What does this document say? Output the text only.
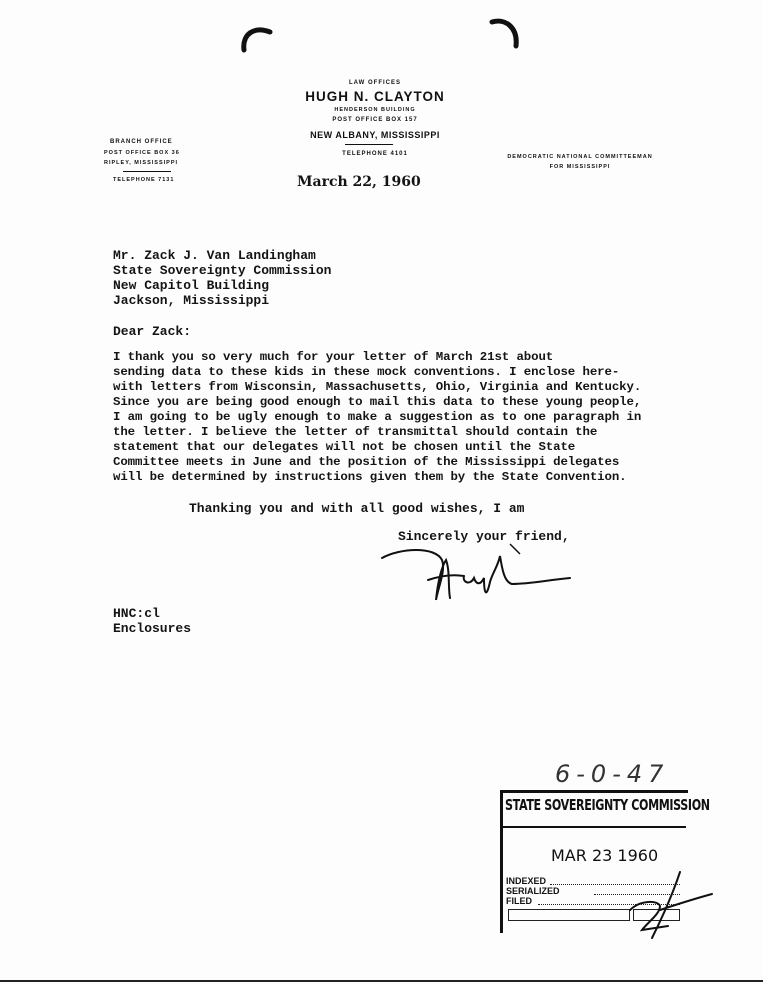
LAW OFFICES
HUGH N. CLAYTON
HENDERSON BUILDING
POST OFFICE BOX 157
NEW ALBANY, MISSISSIPPI
TELEPHONE 4101
BRANCH OFFICE
POST OFFICE BOX 36
RIPLEY, MISSISSIPPI
TELEPHONE 7131
DEMOCRATIC NATIONAL COMMITTEEMAN
FOR MISSISSIPPI
March 22, 1960
Mr. Zack J. Van Landingham
State Sovereignty Commission
New Capitol Building
Jackson, Mississippi
Dear Zack:
I thank you so very much for your letter of March 21st about
sending data to these kids in these mock conventions. I enclose here-
with letters from Wisconsin, Massachusetts, Ohio, Virginia and Kentucky.
Since you are being good enough to mail this data to these young people,
I am going to be ugly enough to make a suggestion as to one paragraph in
the letter. I believe the letter of transmittal should contain the
statement that our delegates will not be chosen until the State
Committee meets in June and the position of the Mississippi delegates
will be determined by instructions given them by the State Convention.
Thanking you and with all good wishes, I am
Sincerely your friend,
HNC:cl
Enclosures
6-0-47
STATE SOVEREIGNTY COMMISSION
MAR 23 1960
INDEXED
SERIALIZED
FILED
